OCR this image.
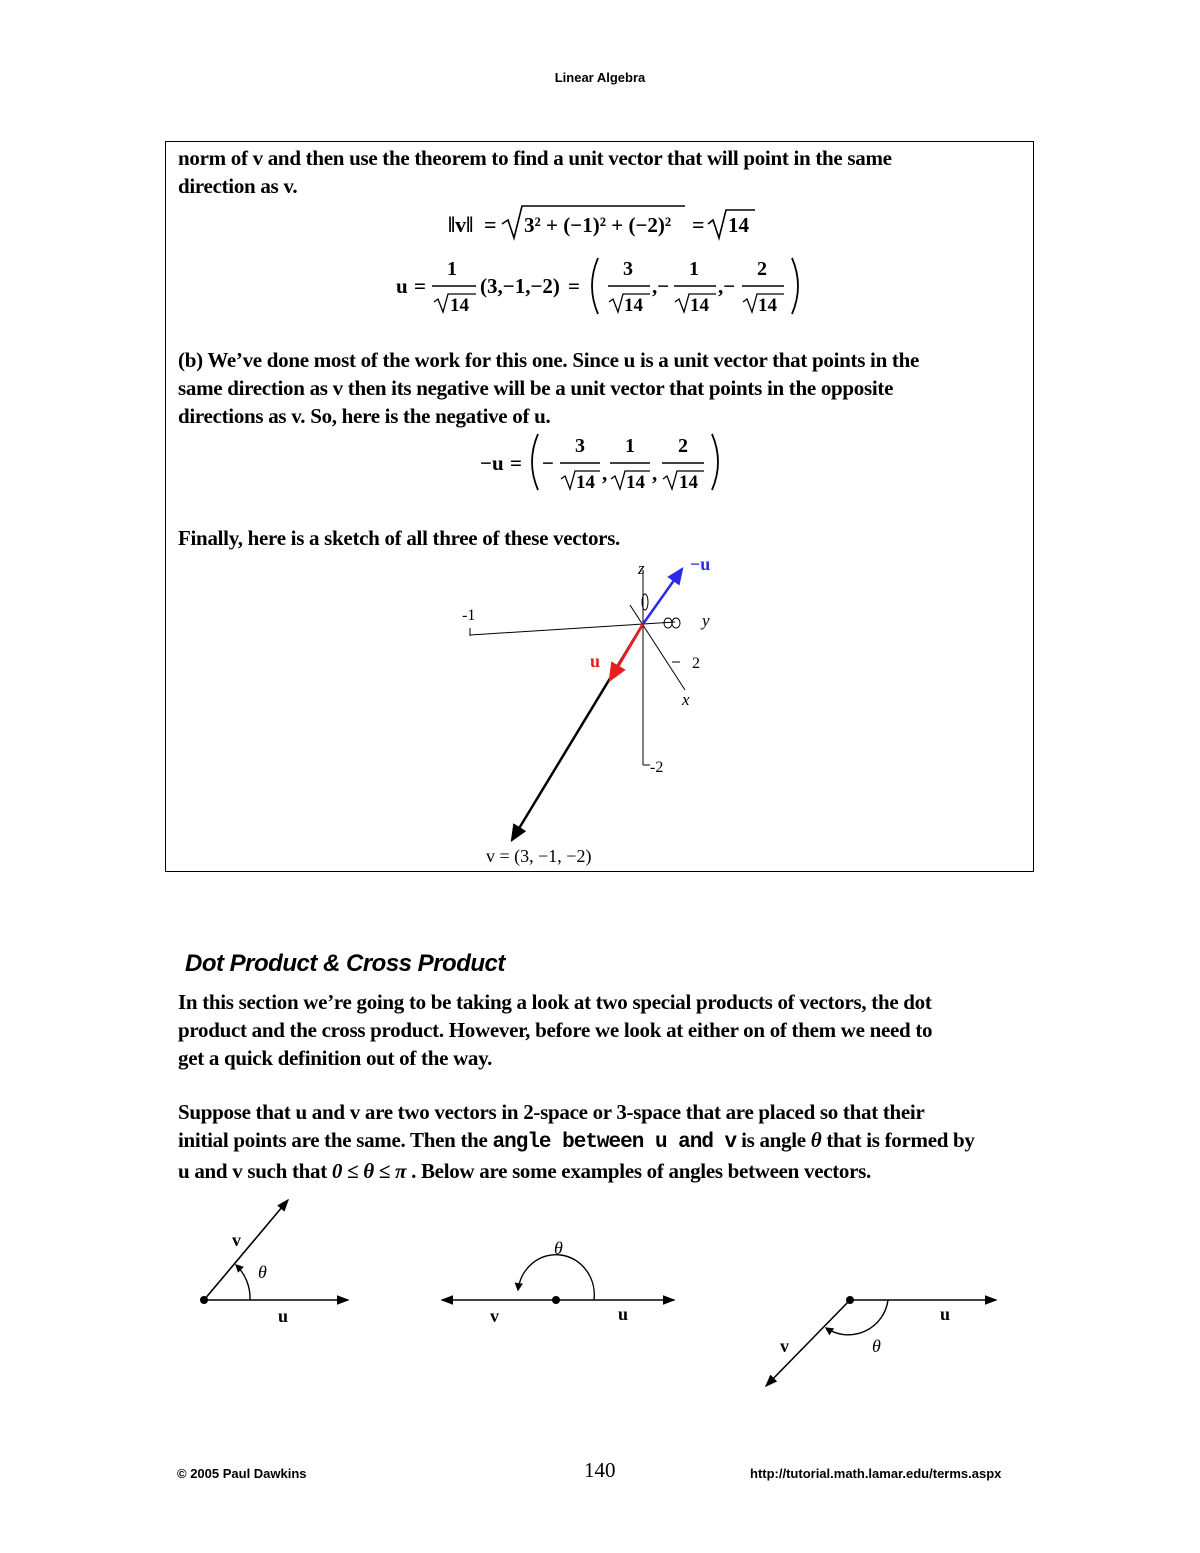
Linear Algebra
norm of v and then use the theorem to find a unit vector that will point in the same
direction as v.
‖v‖ = 3² + (−1)² + (−2)² = 14
u =
1
14
(3,−1,−2) =
3
14
,−
1
14
,−
2
14
(b) We’ve done most of the work for this one. Since u is a unit vector that points in the
same direction as v then its negative will be a unit vector that points in the opposite
directions as v. So, here is the negative of u.
−u = −
3
14 ,
1
14 ,
2
14
Finally, here is a sketch of all three of these vectors.
-1
2
-2
z
y
x
−u
u
v = (3, −1, −2)
Dot Product & Cross Product
In this section we’re going to be taking a look at two special products of vectors, the dot
product and the cross product. However, before we look at either on of them we need to
get a quick definition out of the way.
Suppose that u and v are two vectors in 2-space or 3-space that are placed so that their
initial points are the same. Then the angle between u and v is angle θ that is formed by
u and v such that 0 ≤ θ ≤ π . Below are some examples of angles between vectors.
u
v
θ
u
v
θ
u
v	θ
© 2005 Paul Dawkins	140	http://tutorial.math.lamar.edu/terms.aspx
